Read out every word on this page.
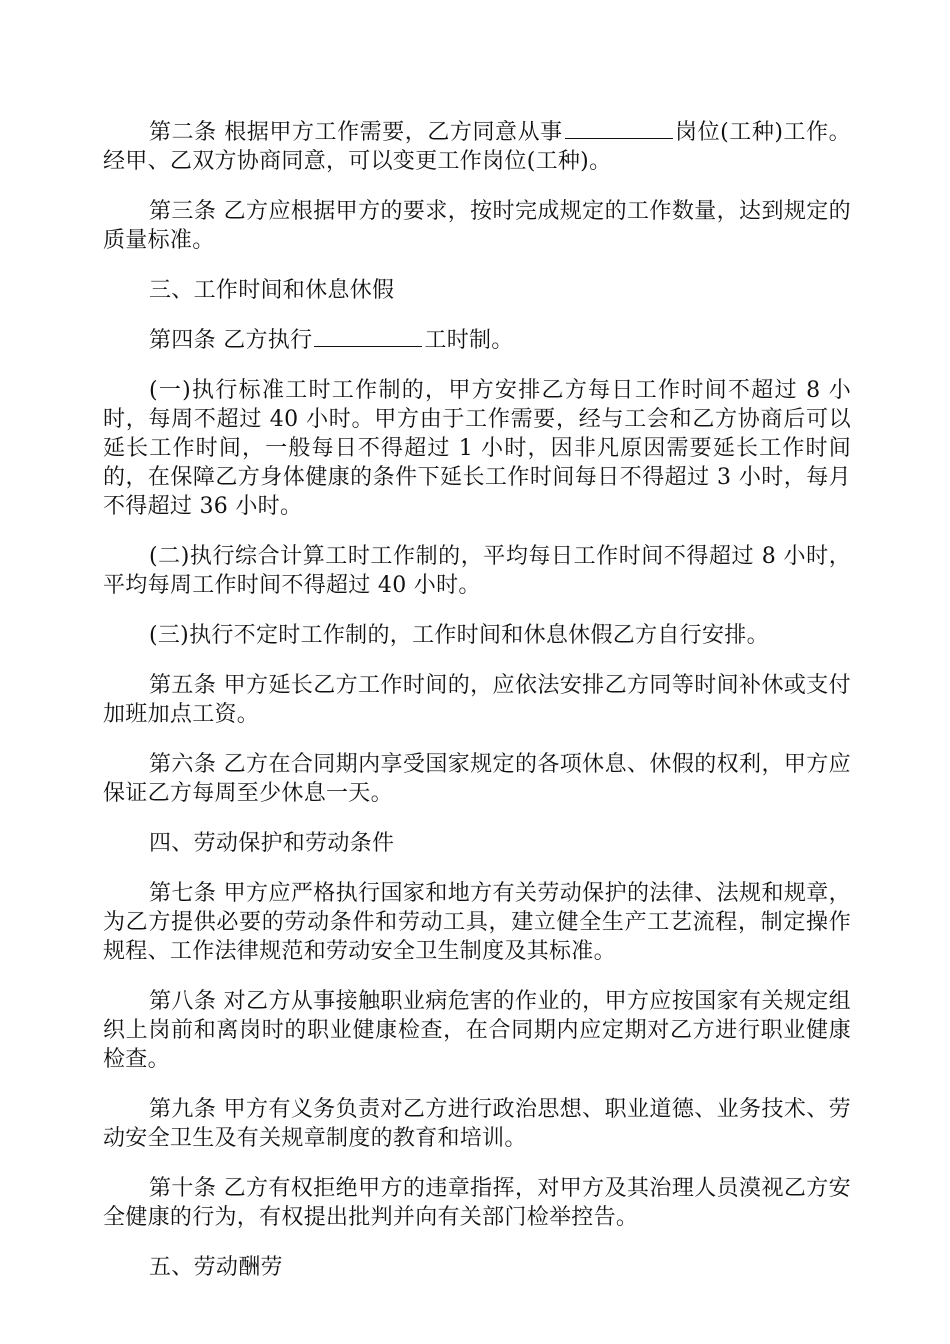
第二条 根据甲方工作需要，乙方同意从事	岗位(工种)工作。经甲、乙双方协商同意，可以变更工作岗位(工种)。

第三条 乙方应根据甲方的要求，按时完成规定的工作数量，达到规定的质量标准。

三、工作时间和休息休假

第四条 乙方执行	工时制。

(一)执行标准工时工作制的，甲方安排乙方每日工作时间不超过 8 小时，每周不超过 40 小时。甲方由于工作需要，经与工会和乙方协商后可以延长工作时间，一般每日不得超过 1 小时，因非凡原因需要延长工作时间的，在保障乙方身体健康的条件下延长工作时间每日不得超过 3 小时，每月不得超过 36 小时。

(二)执行综合计算工时工作制的，平均每日工作时间不得超过 8 小时，平均每周工作时间不得超过 40 小时。

(三)执行不定时工作制的，工作时间和休息休假乙方自行安排。

第五条 甲方延长乙方工作时间的，应依法安排乙方同等时间补休或支付加班加点工资。

第六条 乙方在合同期内享受国家规定的各项休息、休假的权利，甲方应保证乙方每周至少休息一天。

四、劳动保护和劳动条件

第七条 甲方应严格执行国家和地方有关劳动保护的法律、法规和规章，为乙方提供必要的劳动条件和劳动工具，建立健全生产工艺流程，制定操作规程、工作法律规范和劳动安全卫生制度及其标准。

第八条 对乙方从事接触职业病危害的作业的，甲方应按国家有关规定组织上岗前和离岗时的职业健康检查，在合同期内应定期对乙方进行职业健康检查。

第九条 甲方有义务负责对乙方进行政治思想、职业道德、业务技术、劳动安全卫生及有关规章制度的教育和培训。

第十条 乙方有权拒绝甲方的违章指挥，对甲方及其治理人员漠视乙方安全健康的行为，有权提出批判并向有关部门检举控告。

五、劳动酬劳
